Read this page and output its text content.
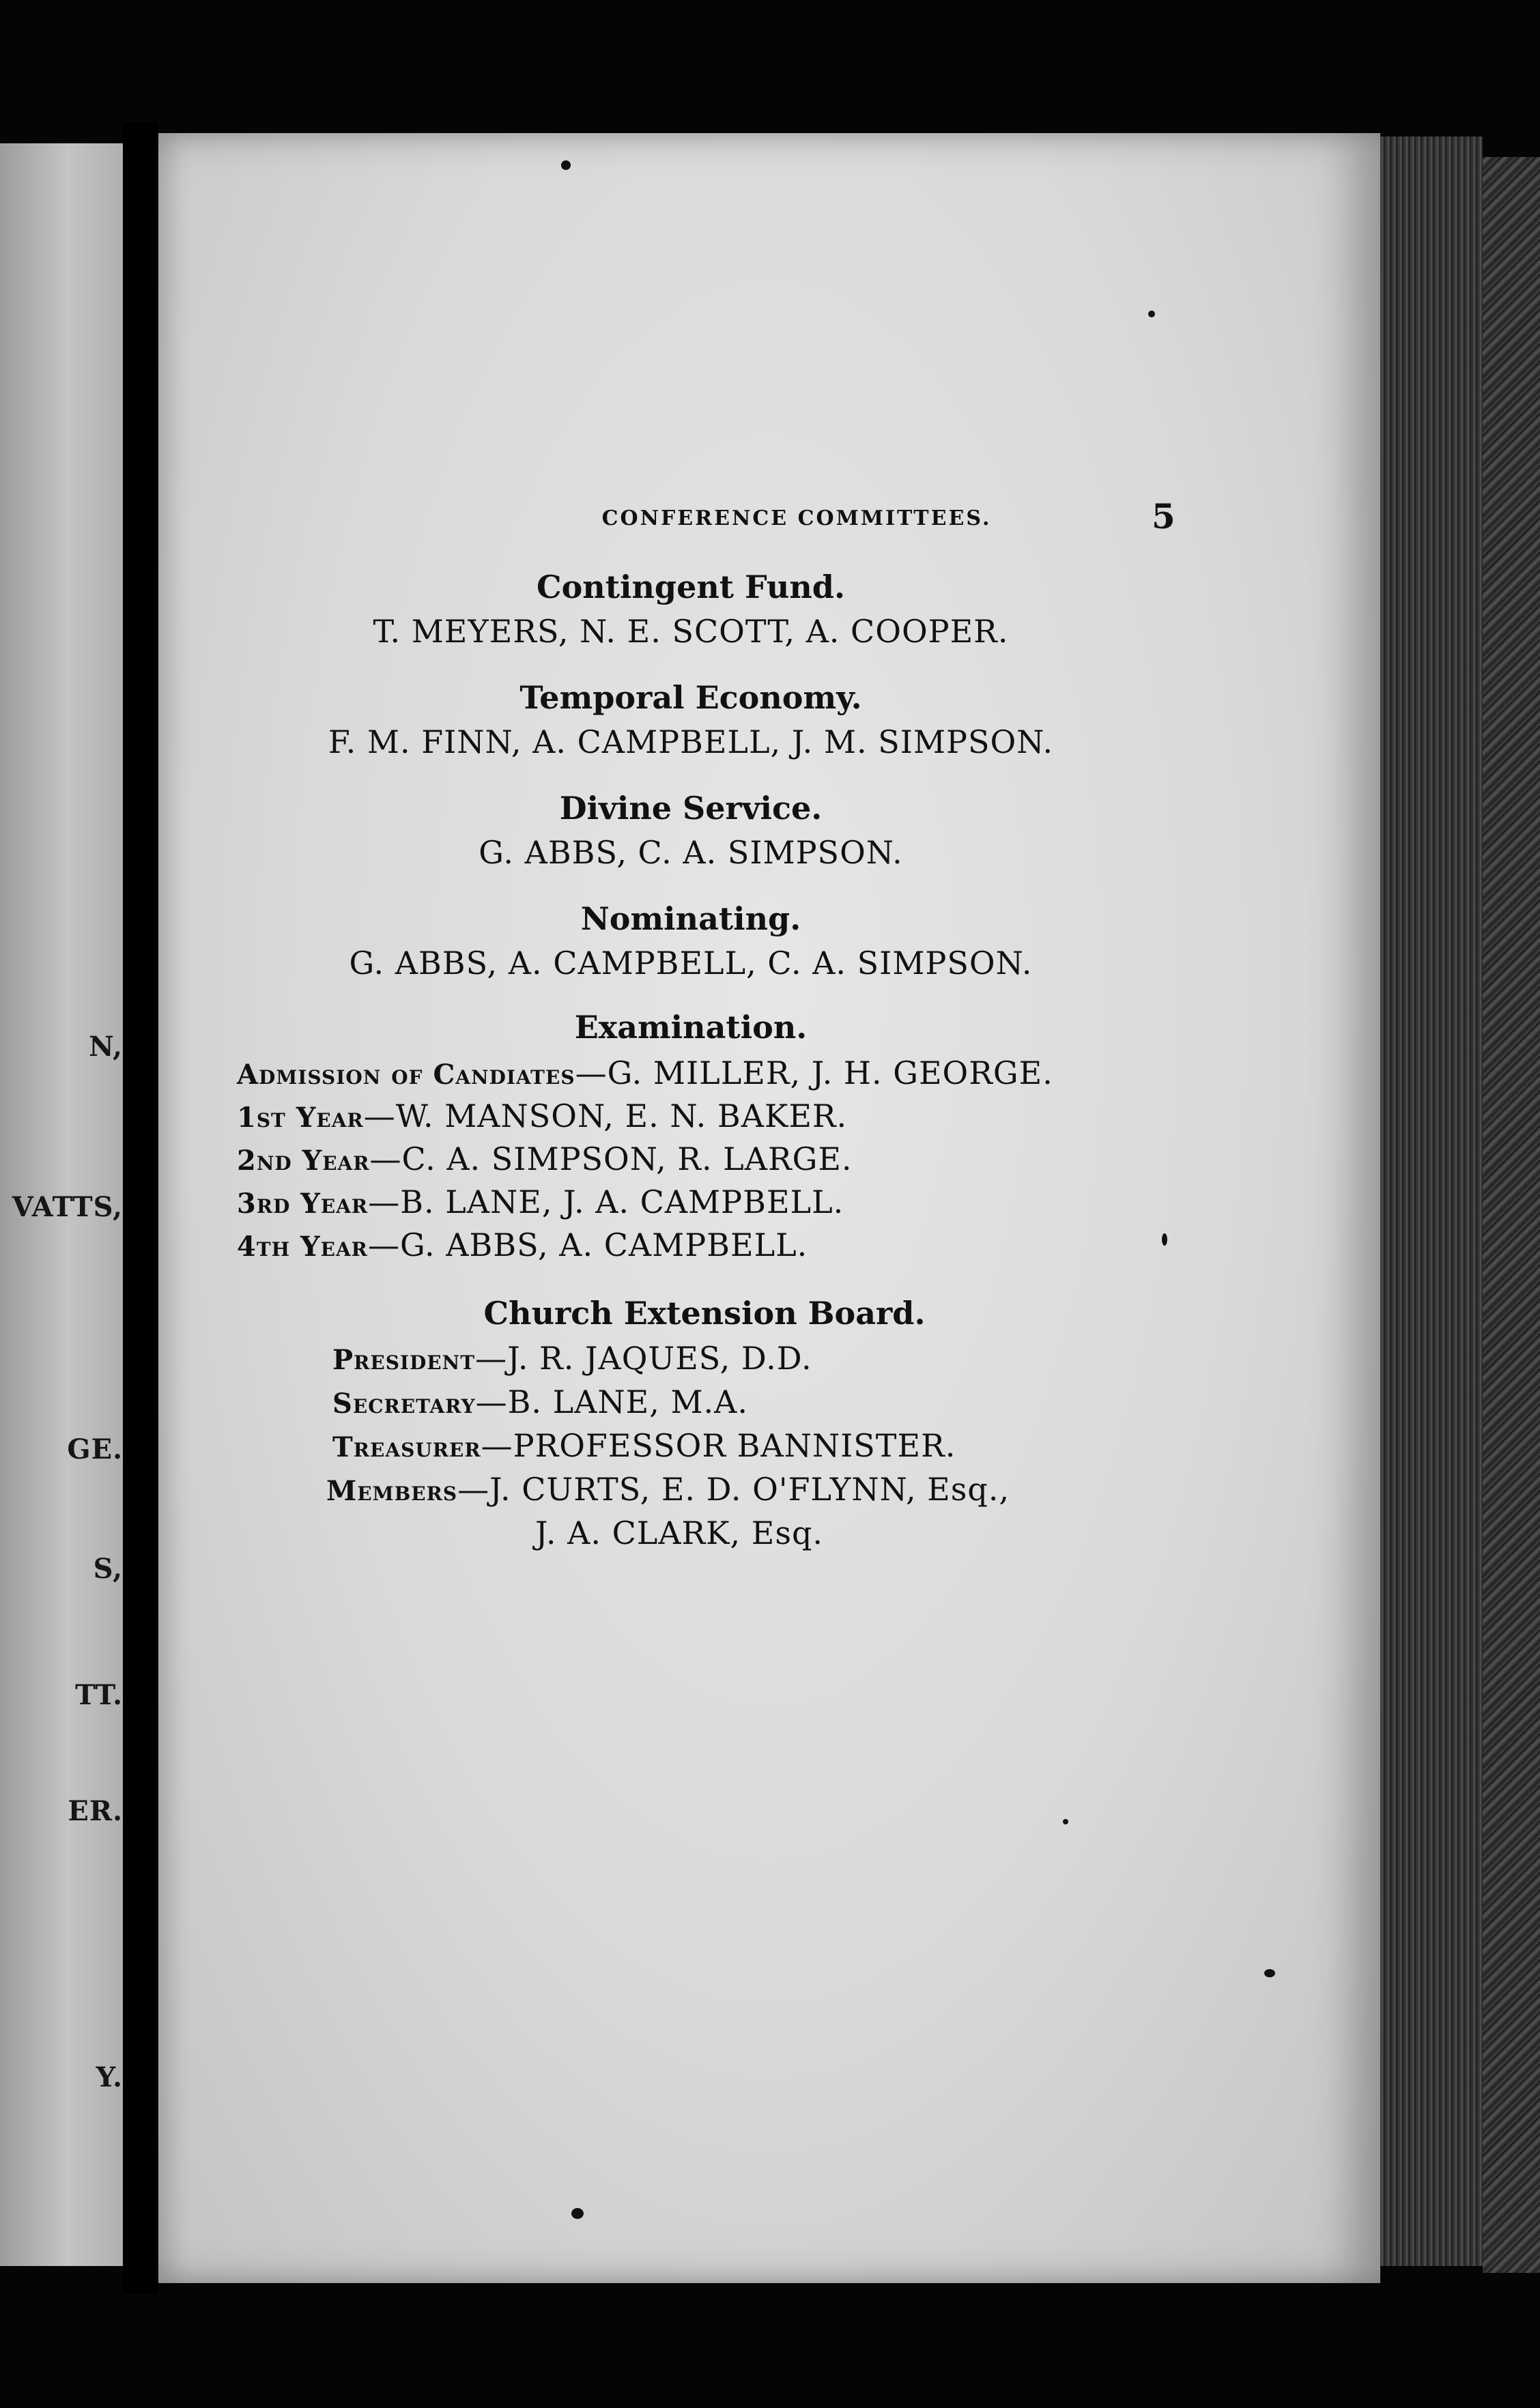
N,
VATTS,
GE.
S,
TT.
ER.
Y.
CONFERENCE COMMITTEES.	5
Contingent Fund.
T. MEYERS, N. E. SCOTT, A. COOPER.
Temporal Economy.
F. M. FINN, A. CAMPBELL, J. M. SIMPSON.
Divine Service.
G. ABBS, C. A. SIMPSON.
Nominating.
G. ABBS, A. CAMPBELL, C. A. SIMPSON.
Examination.
Admission of Candiates—G. MILLER, J. H. GEORGE.
1st Year—W. MANSON, E. N. BAKER.
2nd Year—C. A. SIMPSON, R. LARGE.
3rd Year—B. LANE, J. A. CAMPBELL.
4th Year—G. ABBS, A. CAMPBELL.
Church Extension Board.
President—J. R. JAQUES, D.D.
Secretary—B. LANE, M.A.
Treasurer—PROFESSOR BANNISTER.
Members—J. CURTS, E. D. O'FLYNN, Esq.,
J. A. CLARK, Esq.
